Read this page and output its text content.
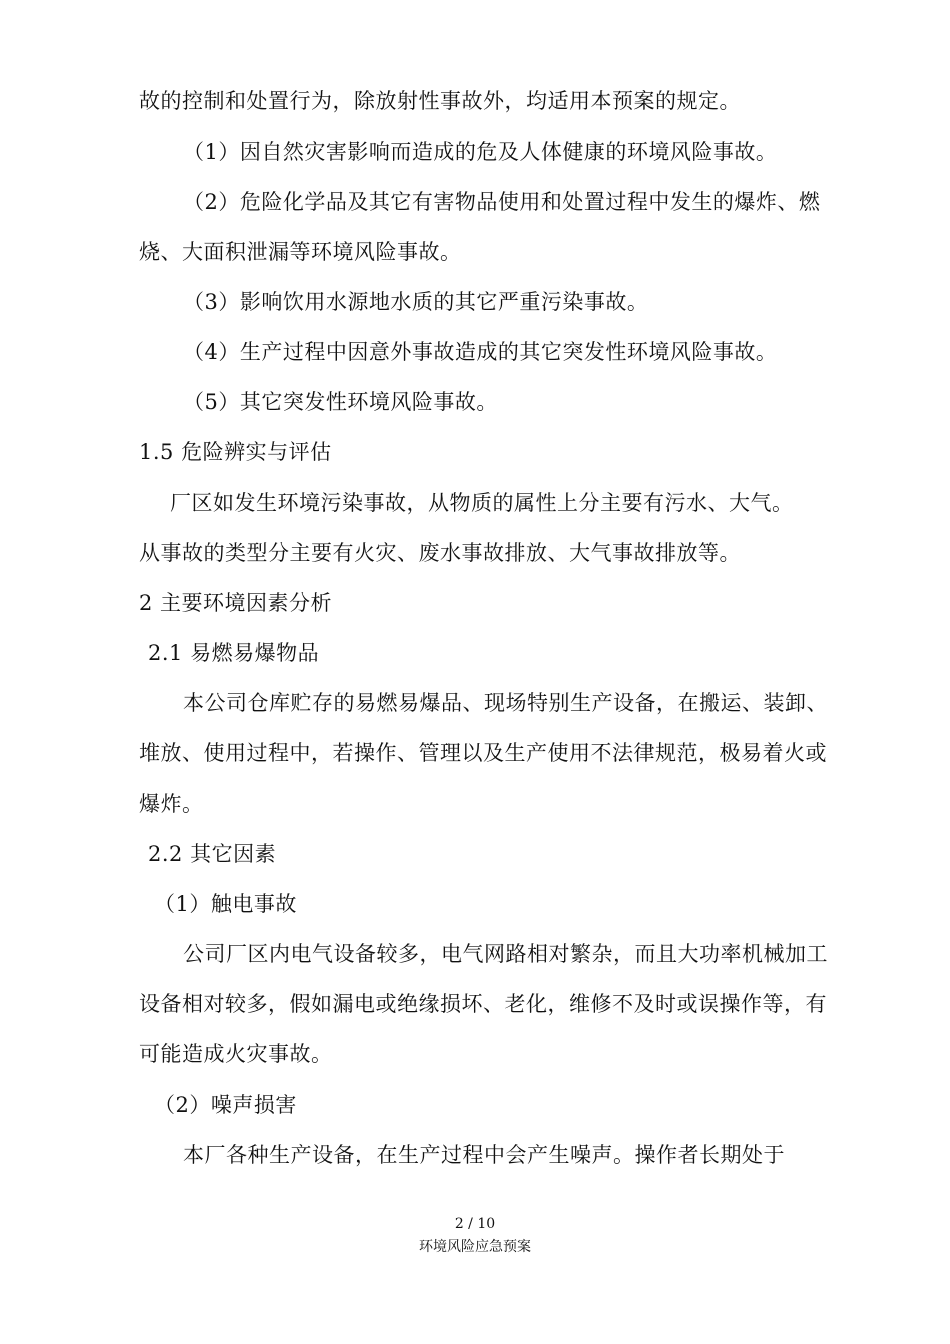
故的控制和处置行为，除放射性事故外，均适用本预案的规定。
（1）因自然灾害影响而造成的危及人体健康的环境风险事故。
（2）危险化学品及其它有害物品使用和处置过程中发生的爆炸、燃
烧、大面积泄漏等环境风险事故。
（3）影响饮用水源地水质的其它严重污染事故。
（4）生产过程中因意外事故造成的其它突发性环境风险事故。
（5）其它突发性环境风险事故。
1.5 危险辨实与评估
厂区如发生环境污染事故，从物质的属性上分主要有污水、大气。
从事故的类型分主要有火灾、废水事故排放、大气事故排放等。
2 主要环境因素分析
2.1 易燃易爆物品
本公司仓库贮存的易燃易爆品、现场特别生产设备，在搬运、装卸、
堆放、使用过程中，若操作、管理以及生产使用不法律规范，极易着火或
爆炸。
2.2 其它因素
（1）触电事故
公司厂区内电气设备较多，电气网路相对繁杂，而且大功率机械加工
设备相对较多，假如漏电或绝缘损坏、老化，维修不及时或误操作等，有
可能造成火灾事故。
（2）噪声损害
本厂各种生产设备，在生产过程中会产生噪声。操作者长期处于
2 / 10
环境风险应急预案
